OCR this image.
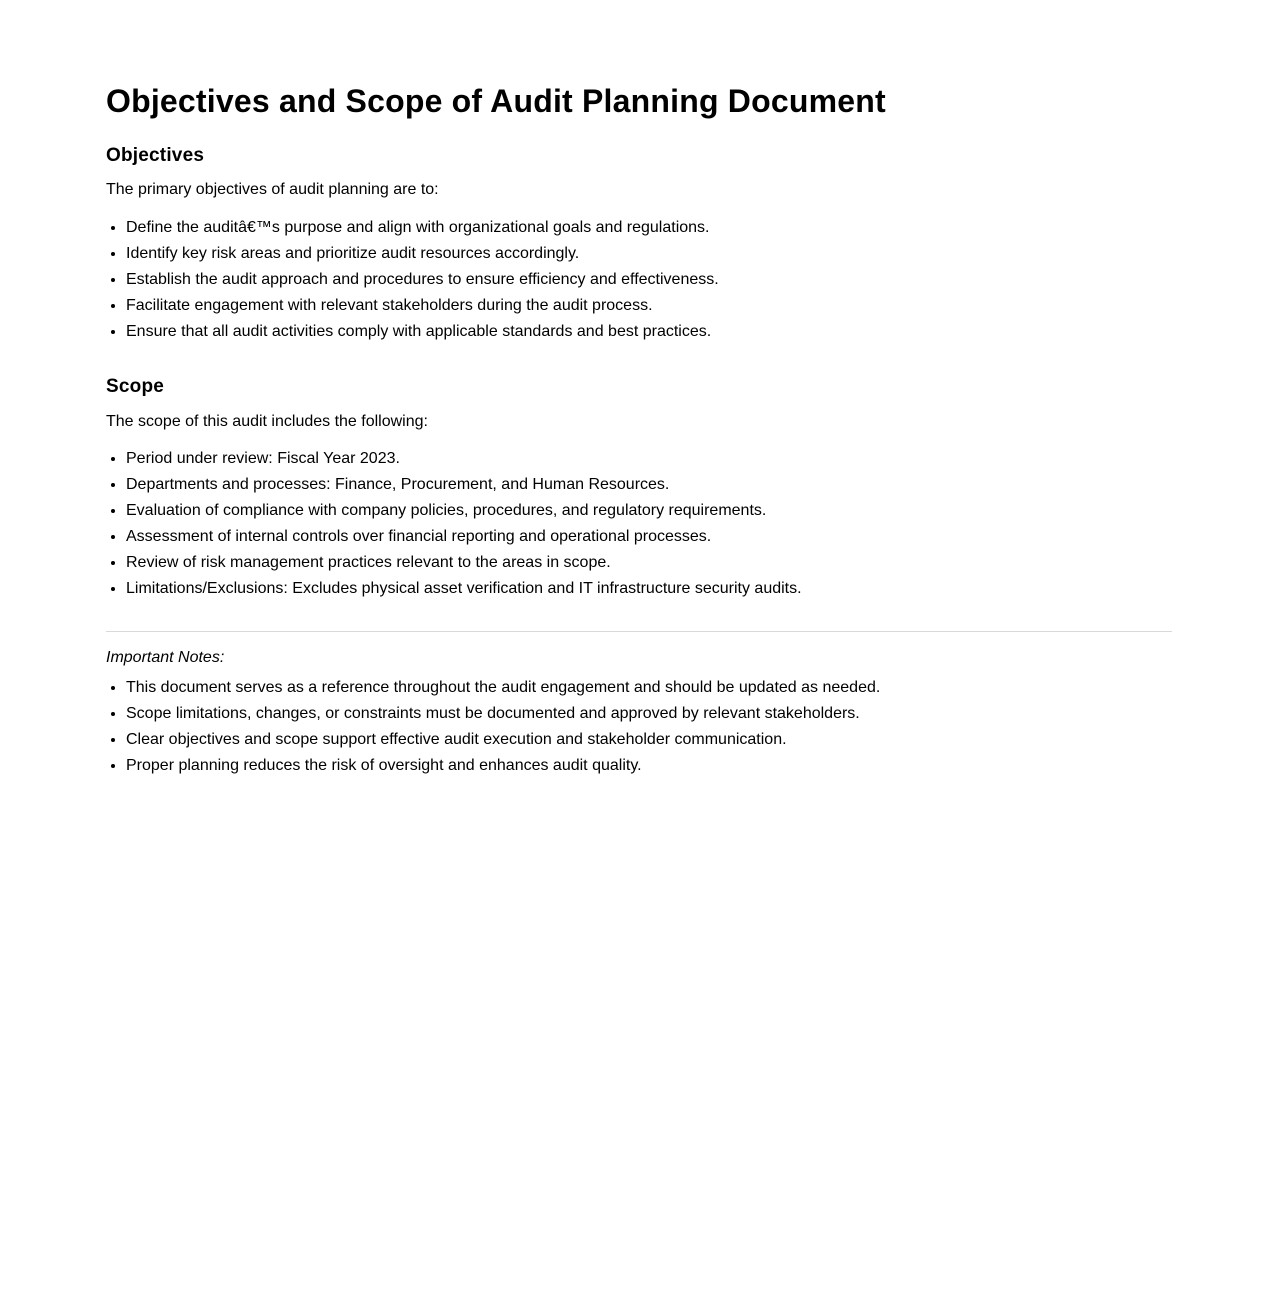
Objectives and Scope of Audit Planning Document
Objectives

The primary objectives of audit planning are to:

• Define the auditâ€™s purpose and align with organizational goals and regulations.
• Identify key risk areas and prioritize audit resources accordingly.
• Establish the audit approach and procedures to ensure efficiency and effectiveness.
• Facilitate engagement with relevant stakeholders during the audit process.
• Ensure that all audit activities comply with applicable standards and best practices.
Scope

The scope of this audit includes the following:

• Period under review: Fiscal Year 2023.
• Departments and processes: Finance, Procurement, and Human Resources.
• Evaluation of compliance with company policies, procedures, and regulatory requirements.
• Assessment of internal controls over financial reporting and operational processes.
• Review of risk management practices relevant to the areas in scope.
• Limitations/Exclusions: Excludes physical asset verification and IT infrastructure security audits.

Important Notes:

• This document serves as a reference throughout the audit engagement and should be updated as needed.
• Scope limitations, changes, or constraints must be documented and approved by relevant stakeholders.
• Clear objectives and scope support effective audit execution and stakeholder communication.
• Proper planning reduces the risk of oversight and enhances audit quality.
